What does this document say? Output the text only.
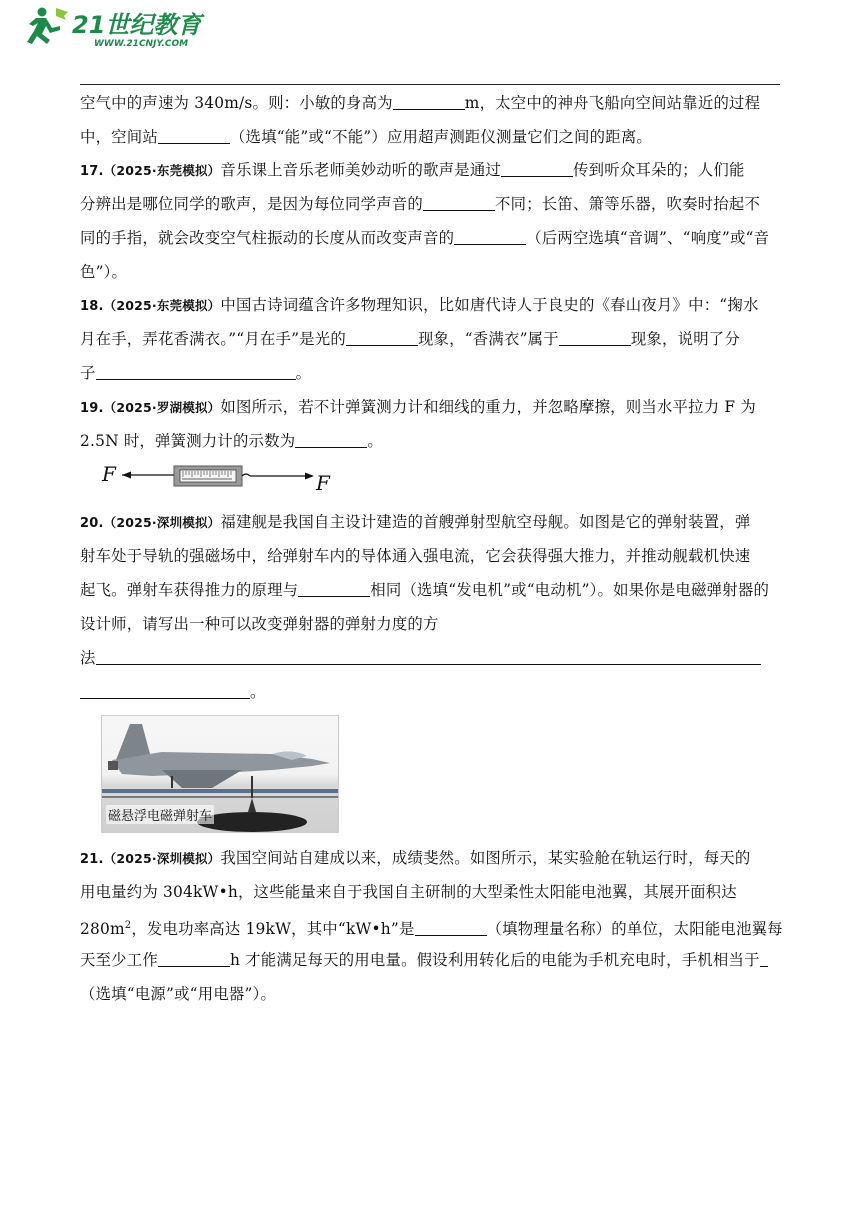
21世纪教育
WWW.21CNJY.COM
空气中的声速为 340m/s。则：小敏的身高为	m，太空中的神舟飞船向空间站靠近的过程
中，空间站	（选填“能”或“不能”）应用超声测距仪测量它们之间的距离。
17.（2025·东莞模拟）音乐课上音乐老师美妙动听的歌声是通过	传到听众耳朵的；人们能
分辨出是哪位同学的歌声，是因为每位同学声音的	不同；长笛、箫等乐器，吹奏时抬起不
同的手指，就会改变空气柱振动的长度从而改变声音的	（后两空选填“音调”、“响度”或“音
色”）。
18.（2025·东莞模拟）中国古诗词蕴含许多物理知识，比如唐代诗人于良史的《春山夜月》中：“掬水
月在手，弄花香满衣。”“月在手”是光的	现象，“香满衣”属于	现象，说明了分
子	。
19.（2025·罗湖模拟）如图所示，若不计弹簧测力计和细线的重力，并忽略摩擦，则当水平拉力 F 为
2.5N 时，弹簧测力计的示数为	。
F	F
20.（2025·深圳模拟）福建舰是我国自主设计建造的首艘弹射型航空母舰。如图是它的弹射装置，弹
射车处于导轨的强磁场中，给弹射车内的导体通入强电流，它会获得强大推力，并推动舰载机快速
起飞。弹射车获得推力的原理与	相同（选填“发电机”或“电动机”）。如果你是电磁弹射器的
设计师，请写出一种可以改变弹射器的弹射力度的方
法
。
磁悬浮电磁弹射车
21.（2025·深圳模拟）我国空间站自建成以来，成绩斐然。如图所示，某实验舱在轨运行时，每天的
用电量约为 304kW•h，这些能量来自于我国自主研制的大型柔性太阳能电池翼，其展开面积达
$280m^2$，发电功率高达 19kW，其中“kW•h”是	（填物理量名称）的单位，太阳能电池翼每
天至少工作	h 才能满足每天的用电量。假设利用转化后的电能为手机充电时，手机相当于
（选填“电源”或“用电器”）。
